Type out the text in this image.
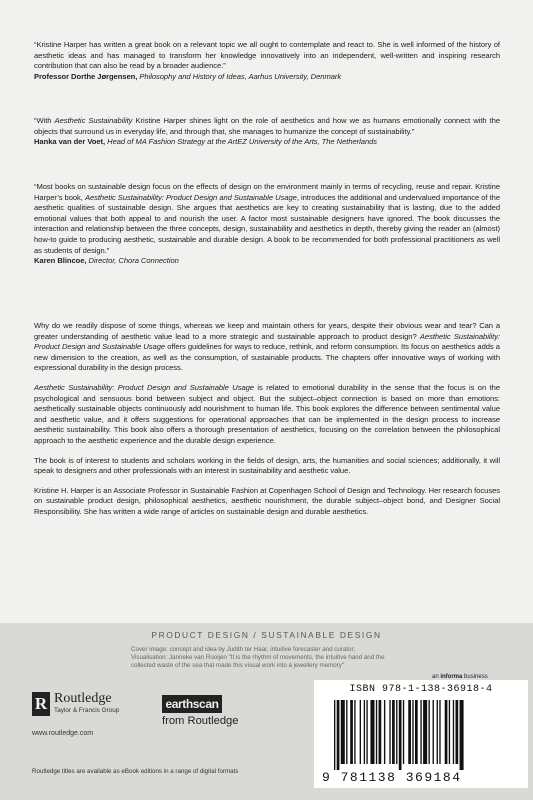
“Kristine Harper has written a great book on a relevant topic we all ought to contemplate and react to. She is well informed of the history of aesthetic ideas and has managed to transform her knowledge innovatively into an independent, well-written and inspiring research contribution that can also be read by a broader audience.”

Professor Dorthe Jørgensen, Philosophy and History of Ideas, Aarhus University, Denmark

“With Aesthetic Sustainability Kristine Harper shines light on the role of aesthetics and how we as humans emotionally connect with the objects that surround us in everyday life, and through that, she manages to humanize the concept of sustainability.”

Hanka van der Voet, Head of MA Fashion Strategy at the ArtEZ University of the Arts, The Netherlands

“Most books on sustainable design focus on the effects of design on the environment mainly in terms of recycling, reuse and repair. Kristine Harper’s book, Aesthetic Sustainability: Product Design and Sustainable Usage, introduces the additional and undervalued importance of the aesthetic qualities of sustainable design. She argues that aesthetics are key to creating sustainability that is lasting, due to the added emotional values that both appeal to and nourish the user. A factor most sustainable designers have ignored. The book discusses the interaction and relationship between the three concepts, design, sustainability and aesthetics in depth, thereby giving the reader an (almost) how-to guide to producing aesthetic, sustainable and durable design. A book to be recommended for both professional practitioners as well as students of design.”

Karen Blincoe, Director, Chora Connection

Why do we readily dispose of some things, whereas we keep and maintain others for years, despite their obvious wear and tear? Can a greater understanding of aesthetic value lead to a more strategic and sustainable approach to product design? Aesthetic Sustainability: Product Design and Sustainable Usage offers guidelines for ways to reduce, rethink, and reform consumption. Its focus on aesthetics adds a new dimension to the creation, as well as the consumption, of sustainable products. The chapters offer innovative ways of working with expressional durability in the design process.

Aesthetic Sustainability: Product Design and Sustainable Usage is related to emotional durability in the sense that the focus is on the psychological and sensuous bond between subject and object. But the subject–object connection is based on more than emotions: aesthetically sustainable objects continuously add nourishment to human life. This book explores the difference between sentimental value and aesthetic value, and it offers suggestions for operational approaches that can be implemented in the design process to increase aesthetic sustainability. This book also offers a thorough presentation of aesthetics, focusing on the correlation between the philosophical approach to the aesthetic experience and the durable design experience.

The book is of interest to students and scholars working in the fields of design, arts, the humanities and social sciences; additionally, it will speak to designers and other professionals with an interest in sustainability and aesthetic value.

Kristine H. Harper is an Associate Professor in Sustainable Fashion at Copenhagen School of Design and Technology. Her research focuses on sustainable product design, philosophical aesthetics, aesthetic nourishment, the durable subject–object bond, and Designer Social Responsibility. She has written a wide range of articles on sustainable design and durable aesthetics.

PRODUCT DESIGN / SUSTAINABLE DESIGN
Cover image: concept and idea by Judith ter Haar, intuitive forecaster and curator;
Visualisation: Janneke van Rooijen "It is the rhythm of movements, the intuitive hand and the
collected waste of the sea that made this visual work into a jewellery memory"
R Routledge
Taylor & Francis Group
www.routledge.com
earthscan
from Routledge
an informa business
ISBN 978-1-138-36918-4
9 781138 369184
Routledge titles are available as eBook editions in a range of digital formats
